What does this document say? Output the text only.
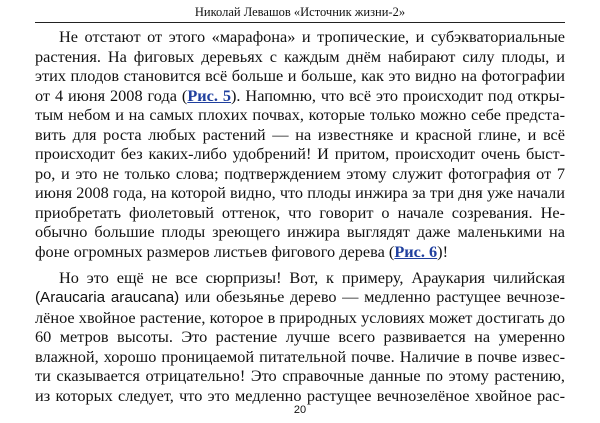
Николай Левашов «Источник жизни-2»
Не отстают от этого «марафона» и тропические, и субэкваториальные
растения. На фиговых деревьях с каждым днём набирают силу плоды, и
этих плодов становится всё больше и больше, как это видно на фотографии
от 4 июня 2008 года (Рис. 5). Напомню, что всё это происходит под откры-
тым небом и на самых плохих почвах, которые только можно себе предста-
вить для роста любых растений — на известняке и красной глине, и всё
происходит без каких-либо удобрений! И притом, происходит очень быст-
ро, и это не только слова; подтверждением этому служит фотография от 7
июня 2008 года, на которой видно, что плоды инжира за три дня уже начали
приобретать фиолетовый оттенок, что говорит о начале созревания. Не-
обычно большие плоды зреющего инжира выглядят даже маленькими на
фоне огромных размеров листьев фигового дерева (Рис. 6)!
Но это ещё не все сюрпризы! Вот, к примеру, Араукария чилийская
(Araucaria araucana) или обезьянье дерево — медленно растущее вечнозе-
лёное хвойное растение, которое в природных условиях может достигать до
60 метров высоты. Это растение лучше всего развивается на умеренно
влажной, хорошо проницаемой питательной почве. Наличие в почве извес-
ти сказывается отрицательно! Это справочные данные по этому растению,
из которых следует, что это медленно растущее вечнозелёное хвойное рас-
20
